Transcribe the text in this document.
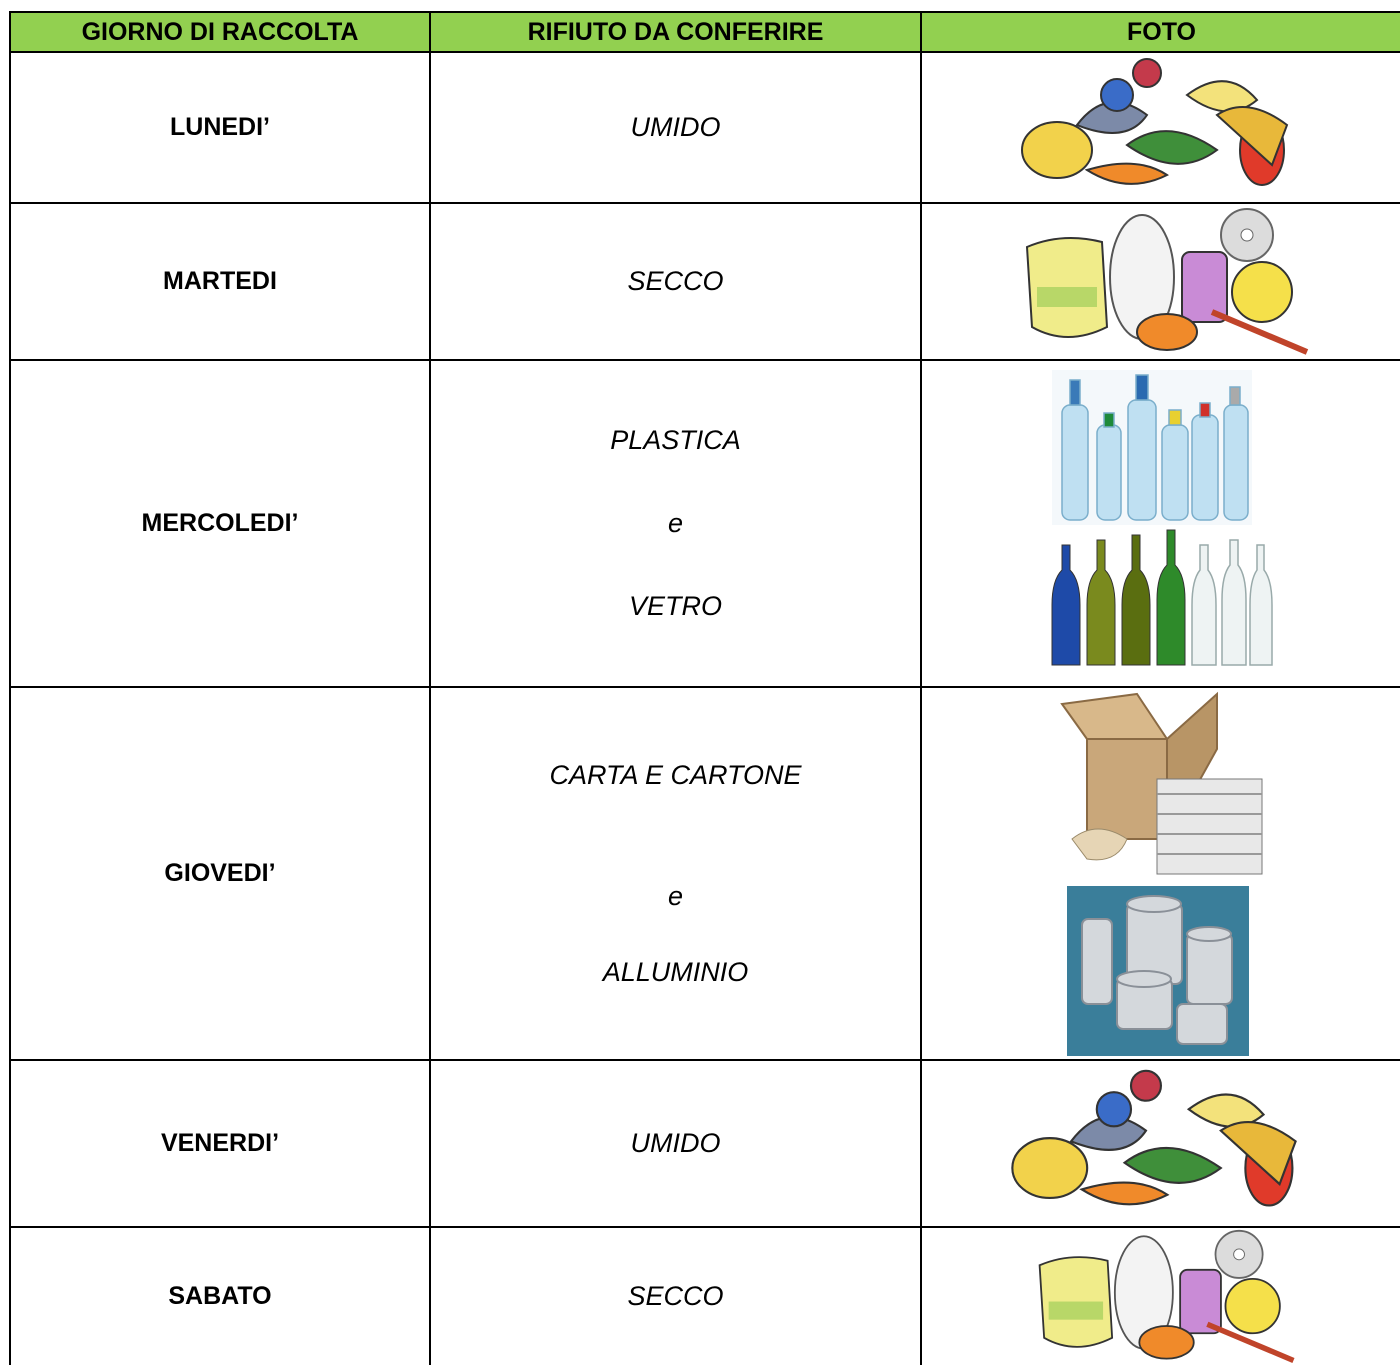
GIORNO DI RACCOLTA	RIFIUTO DA CONFERIRE	FOTO
LUNEDI’	UMIDO

MARTEDI	SECCO

MERCOLEDI’	PLASTICA
e
VETRO

GIOVEDI’	CARTA E CARTONE
e
ALLUMINIO

VENERDI’	UMIDO

SABATO	SECCO
